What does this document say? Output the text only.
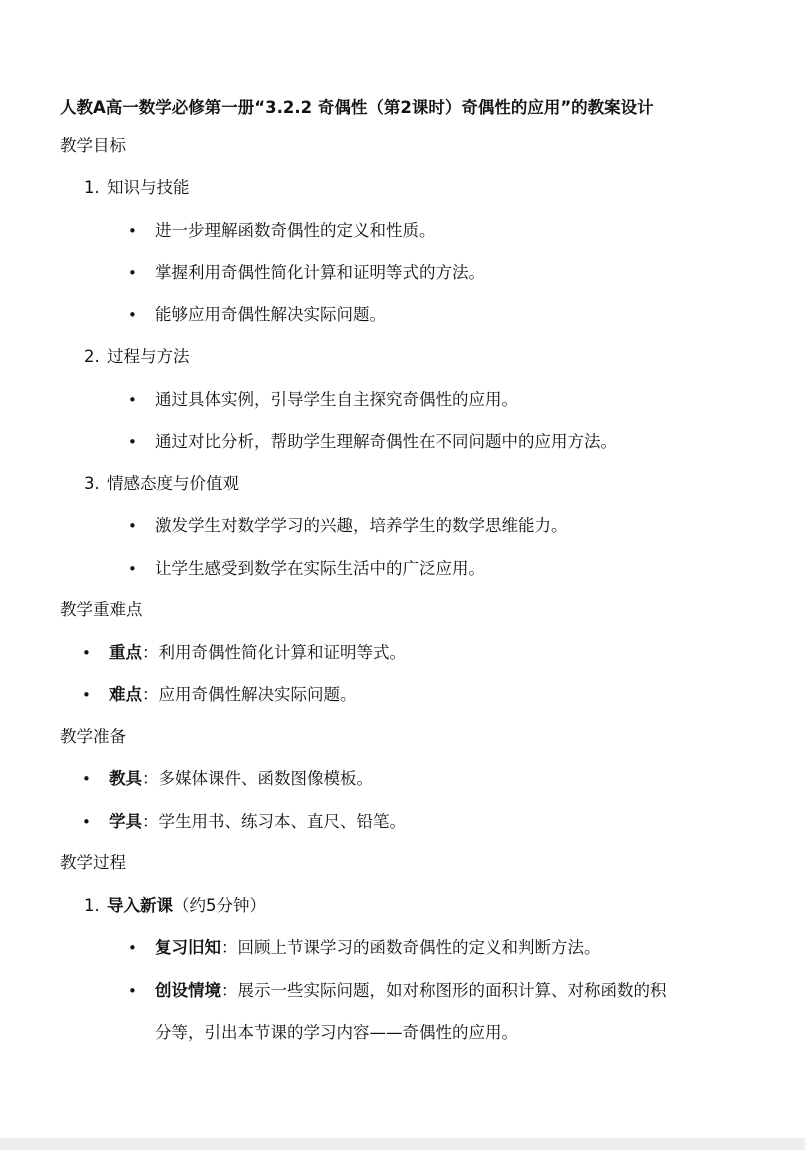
人教A高一数学必修第一册“3.2.2 奇偶性（第2课时）奇偶性的应用”的教案设计
教学目标
1. 知识与技能
• 进一步理解函数奇偶性的定义和性质。
• 掌握利用奇偶性简化计算和证明等式的方法。
• 能够应用奇偶性解决实际问题。
2. 过程与方法
• 通过具体实例，引导学生自主探究奇偶性的应用。
• 通过对比分析，帮助学生理解奇偶性在不同问题中的应用方法。
3. 情感态度与价值观
• 激发学生对数学学习的兴趣，培养学生的数学思维能力。
• 让学生感受到数学在实际生活中的广泛应用。
教学重难点
• 重点：利用奇偶性简化计算和证明等式。
• 难点：应用奇偶性解决实际问题。
教学准备
• 教具：多媒体课件、函数图像模板。
• 学具：学生用书、练习本、直尺、铅笔。
教学过程
1. 导入新课（约5分钟）
• 复习旧知：回顾上节课学习的函数奇偶性的定义和判断方法。
• 创设情境：展示一些实际问题，如对称图形的面积计算、对称函数的积
分等，引出本节课的学习内容——奇偶性的应用。
